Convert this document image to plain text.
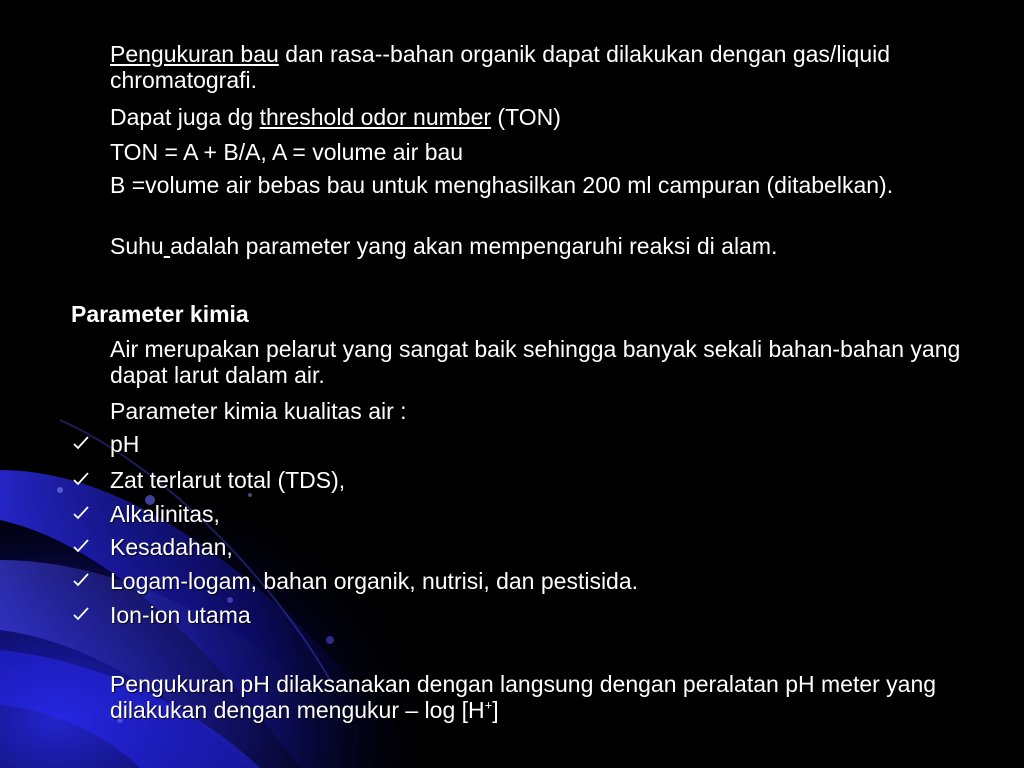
Pengukuran bau dan rasa--bahan organik dapat dilakukan dengan gas/liquid chromatografi.
Dapat juga dg threshold odor number (TON)
TON = A + B/A, A = volume air bau
B =volume air bebas bau untuk menghasilkan 200 ml campuran (ditabelkan).
Suhu adalah parameter yang akan mempengaruhi reaksi di alam.
Parameter kimia
Air merupakan pelarut yang sangat baik sehingga banyak sekali bahan-bahan yang dapat larut dalam air.
Parameter kimia kualitas air :
pH
Zat terlarut total (TDS),
Alkalinitas,
Kesadahan,
Logam-logam, bahan organik, nutrisi, dan pestisida.
Ion-ion utama
Pengukuran pH dilaksanakan dengan langsung dengan peralatan pH meter yang dilakukan dengan mengukur – log [H+]
